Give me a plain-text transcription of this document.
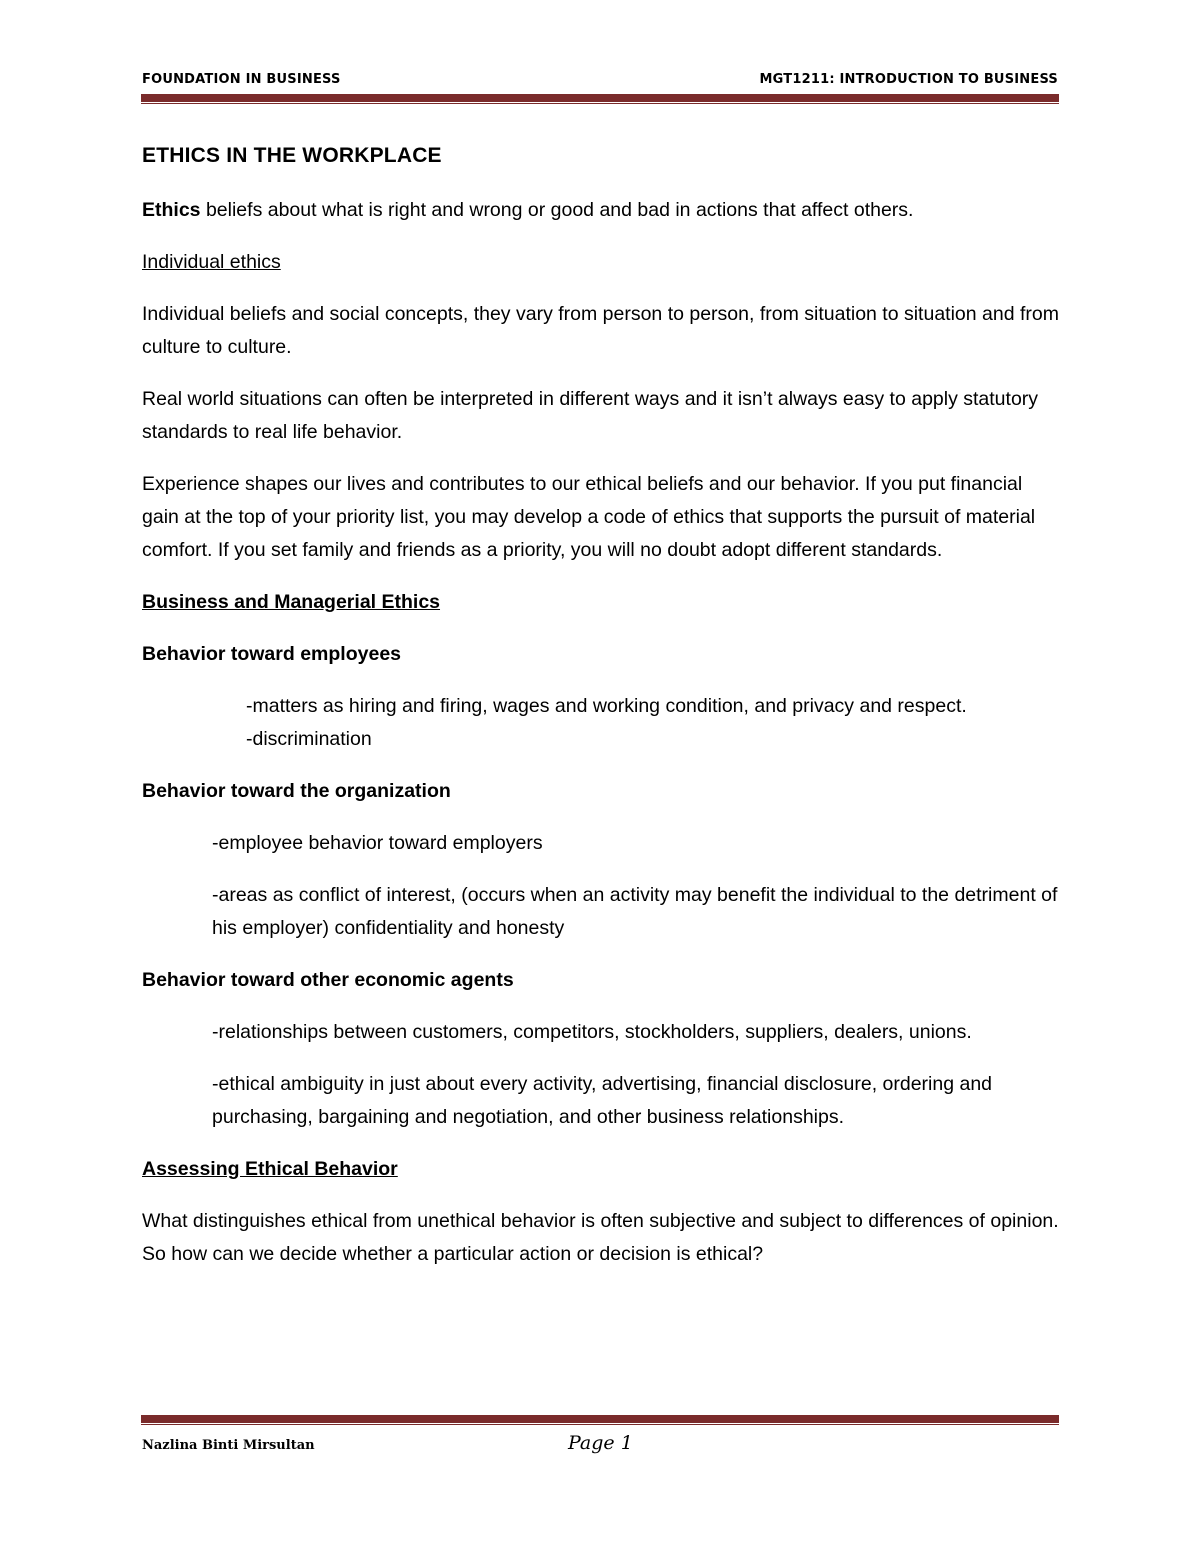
FOUNDATION IN BUSINESS	MGT1211: INTRODUCTION TO BUSINESS
ETHICS IN THE WORKPLACE

Ethics beliefs about what is right and wrong or good and bad in actions that affect others.

Individual ethics

Individual beliefs and social concepts, they vary from person to person, from situation to situation and from culture to culture.

Real world situations can often be interpreted in different ways and it isn’t always easy to apply statutory standards to real life behavior.

Experience shapes our lives and contributes to our ethical beliefs and our behavior. If you put financial gain at the top of your priority list, you may develop a code of ethics that supports the pursuit of material comfort. If you set family and friends as a priority, you will no doubt adopt different standards.

Business and Managerial Ethics

Behavior toward employees

-matters as hiring and firing, wages and working condition, and privacy and respect.

-discrimination

Behavior toward the organization

-employee behavior toward employers

-areas as conflict of interest, (occurs when an activity may benefit the individual to the detriment of his employer) confidentiality and honesty

Behavior toward other economic agents

-relationships between customers, competitors, stockholders, suppliers, dealers, unions.

-ethical ambiguity in just about every activity, advertising, financial disclosure, ordering and purchasing, bargaining and negotiation, and other business relationships.

Assessing Ethical Behavior

What distinguishes ethical from unethical behavior is often subjective and subject to differences of opinion. So how can we decide whether a particular action or decision is ethical?

Nazlina Binti Mirsultan	Page 1
